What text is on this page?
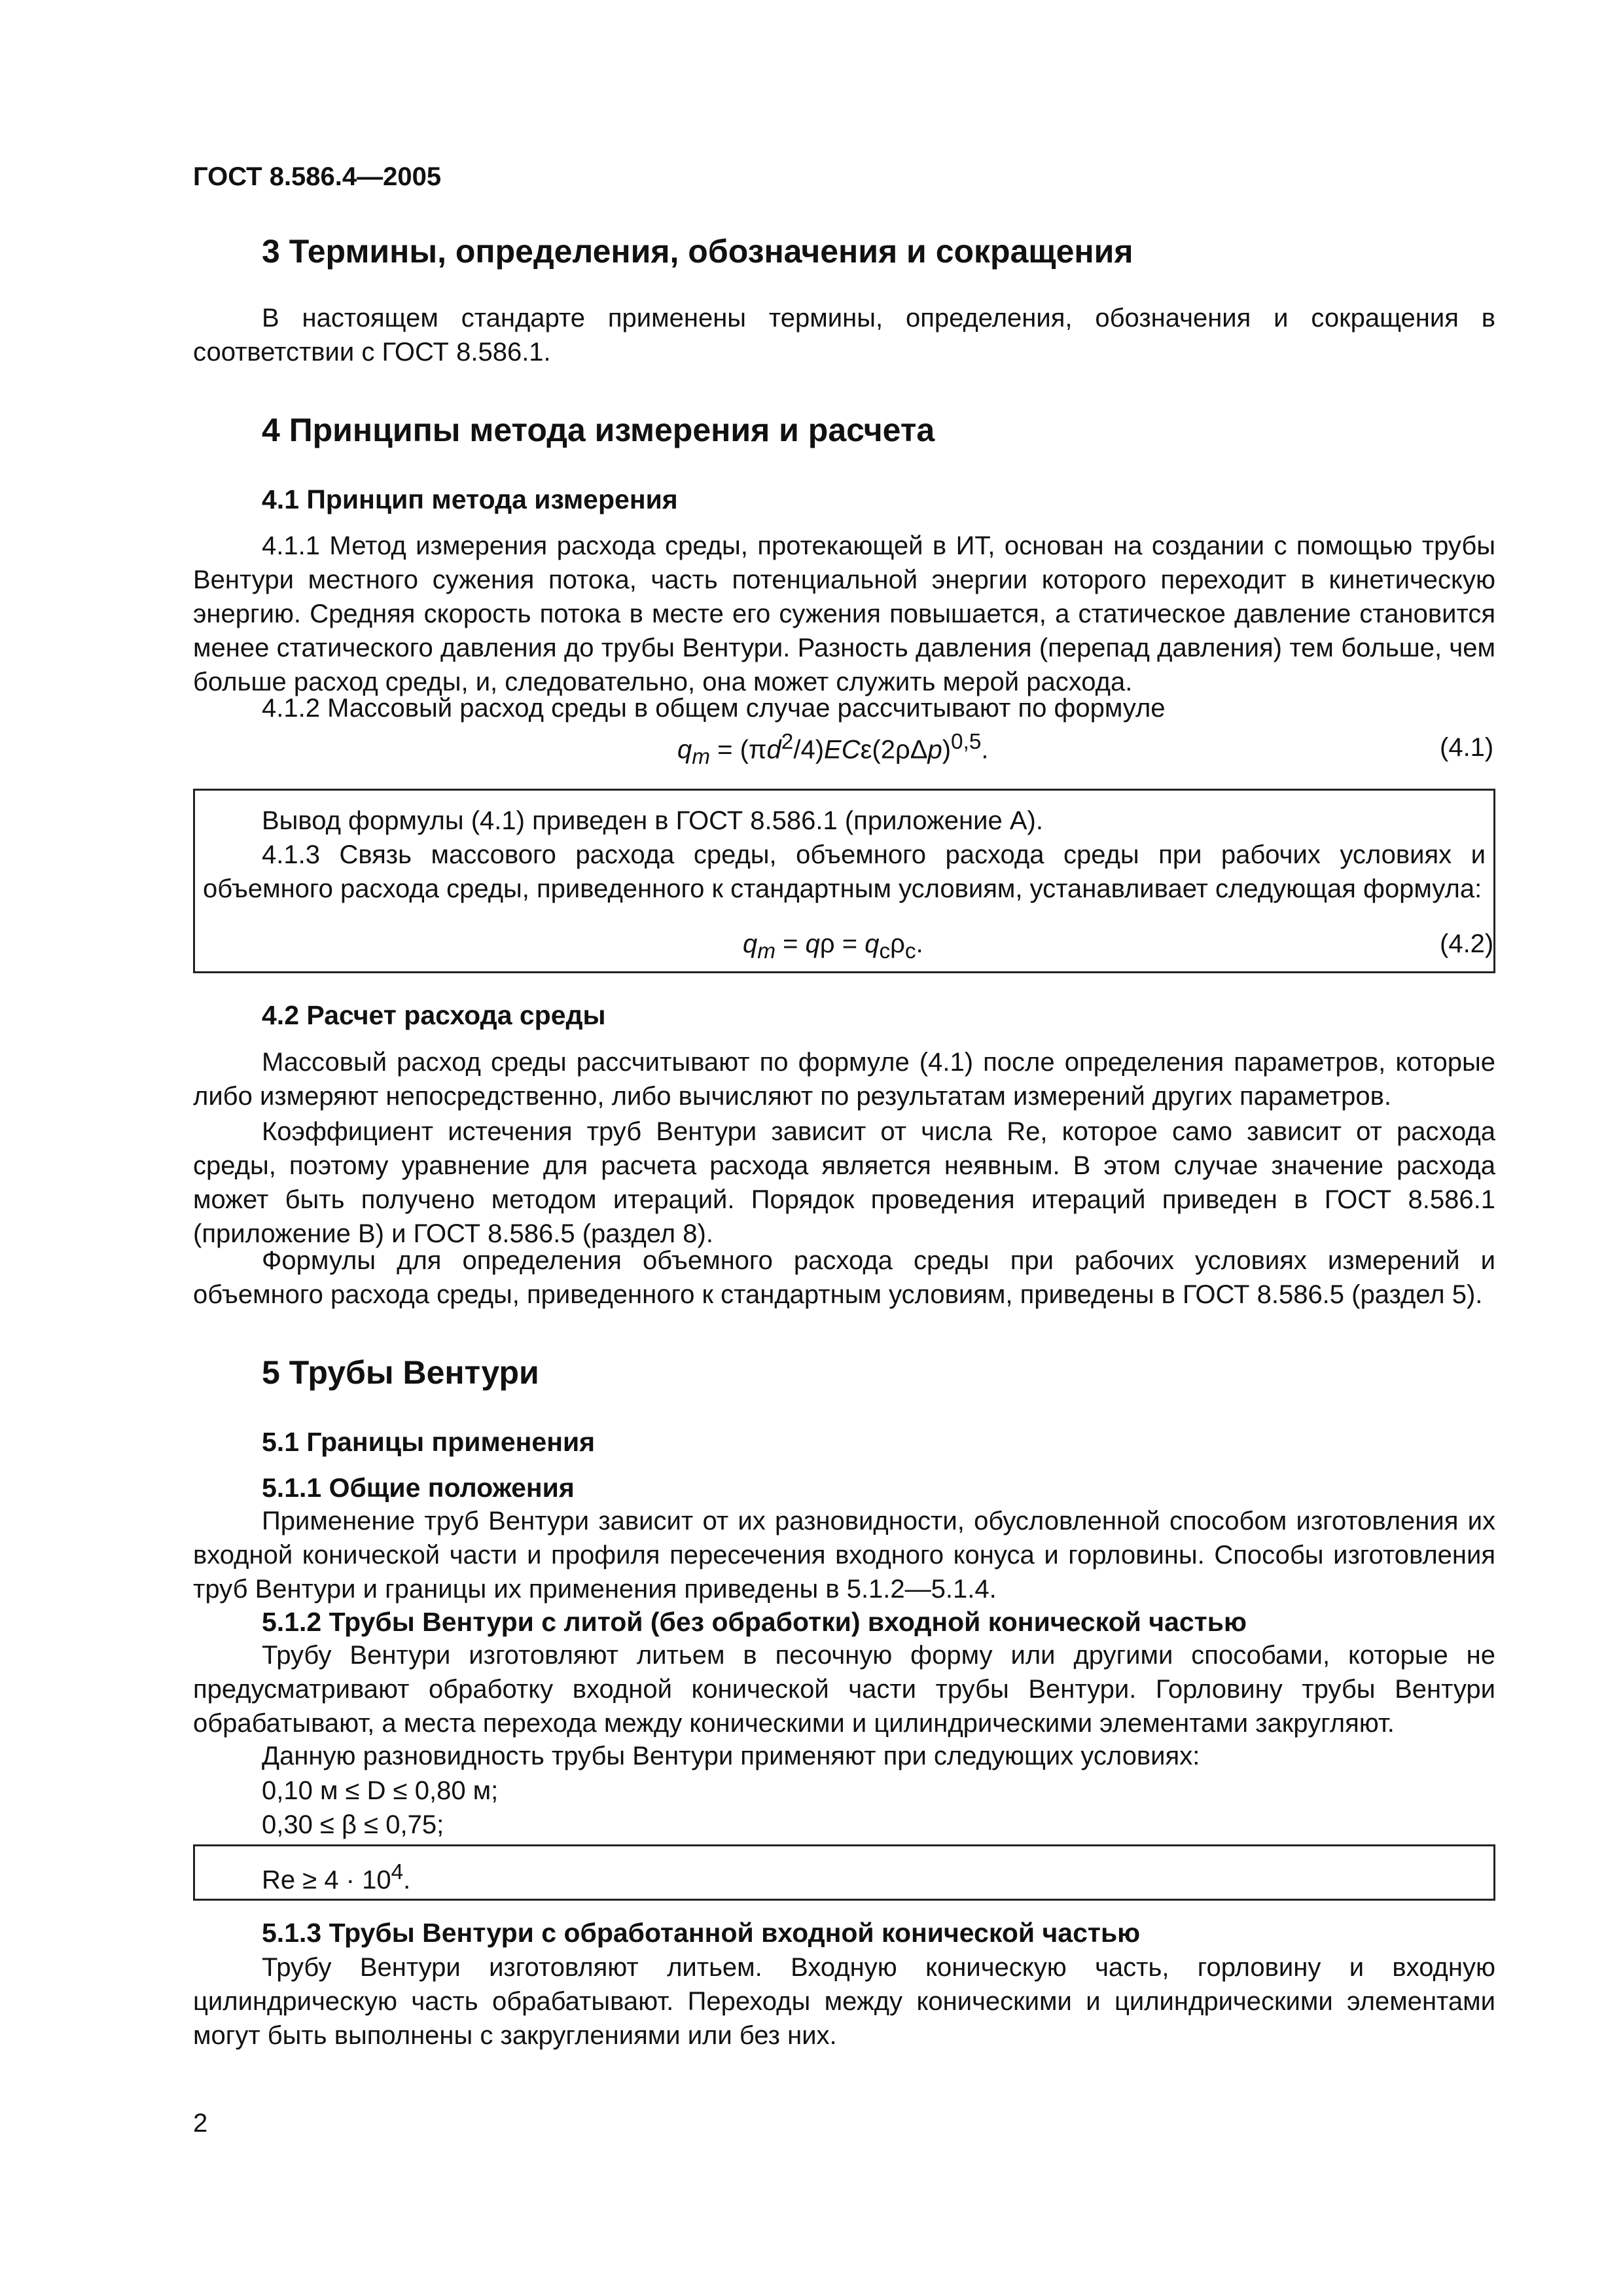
ГОСТ 8.586.4—2005
3 Термины, определения, обозначения и сокращения
В настоящем стандарте применены термины, определения, обозначения и сокращения в соответствии с ГОСТ 8.586.1.
4 Принципы метода измерения и расчета
4.1 Принцип метода измерения
4.1.1 Метод измерения расхода среды, протекающей в ИТ, основан на создании с помощью трубы Вентури местного сужения потока, часть потенциальной энергии которого переходит в кинетическую энергию. Средняя скорость потока в месте его сужения повышается, а статическое давление становится менее статического давления до трубы Вентури. Разность давления (перепад давления) тем больше, чем больше расход среды, и, следовательно, она может служить мерой расхода.
4.1.2 Массовый расход среды в общем случае рассчитывают по формуле
$q_m = (\pi d^2/4)EC\varepsilon(2\rho\Delta p)^{0,5}$.	(4.1)
Вывод формулы (4.1) приведен в ГОСТ 8.586.1 (приложение А).
4.1.3 Связь массового расхода среды, объемного расхода среды при рабочих условиях и объемного расхода среды, приведенного к стандартным условиям, устанавливает следующая формула:
$q_m = q\rho = q_c\rho_c$.	(4.2)
4.2 Расчет расхода среды
Массовый расход среды рассчитывают по формуле (4.1) после определения параметров, которые либо измеряют непосредственно, либо вычисляют по результатам измерений других параметров.
Коэффициент истечения труб Вентури зависит от числа Re, которое само зависит от расхода среды, поэтому уравнение для расчета расхода является неявным. В этом случае значение расхода может быть получено методом итераций. Порядок проведения итераций приведен в ГОСТ 8.586.1 (приложение В) и ГОСТ 8.586.5 (раздел 8).
Формулы для определения объемного расхода среды при рабочих условиях измерений и объемного расхода среды, приведенного к стандартным условиям, приведены в ГОСТ 8.586.5 (раздел 5).
5 Трубы Вентури
5.1 Границы применения
5.1.1 Общие положения
Применение труб Вентури зависит от их разновидности, обусловленной способом изготовления их входной конической части и профиля пересечения входного конуса и горловины. Способы изготовления труб Вентури и границы их применения приведены в 5.1.2—5.1.4.
5.1.2 Трубы Вентури с литой (без обработки) входной конической частью
Трубу Вентури изготовляют литьем в песочную форму или другими способами, которые не предусматривают обработку входной конической части трубы Вентури. Горловину трубы Вентури обрабатывают, а места перехода между коническими и цилиндрическими элементами закругляют.
Данную разновидность трубы Вентури применяют при следующих условиях:
0,10 м ≤ D ≤ 0,80 м;
0,30 ≤ β ≤ 0,75;
$Re \ge 4 \cdot 10^4$.
5.1.3 Трубы Вентури с обработанной входной конической частью
Трубу Вентури изготовляют литьем. Входную коническую часть, горловину и входную цилиндрическую часть обрабатывают. Переходы между коническими и цилиндрическими элементами могут быть выполнены с закруглениями или без них.
2
